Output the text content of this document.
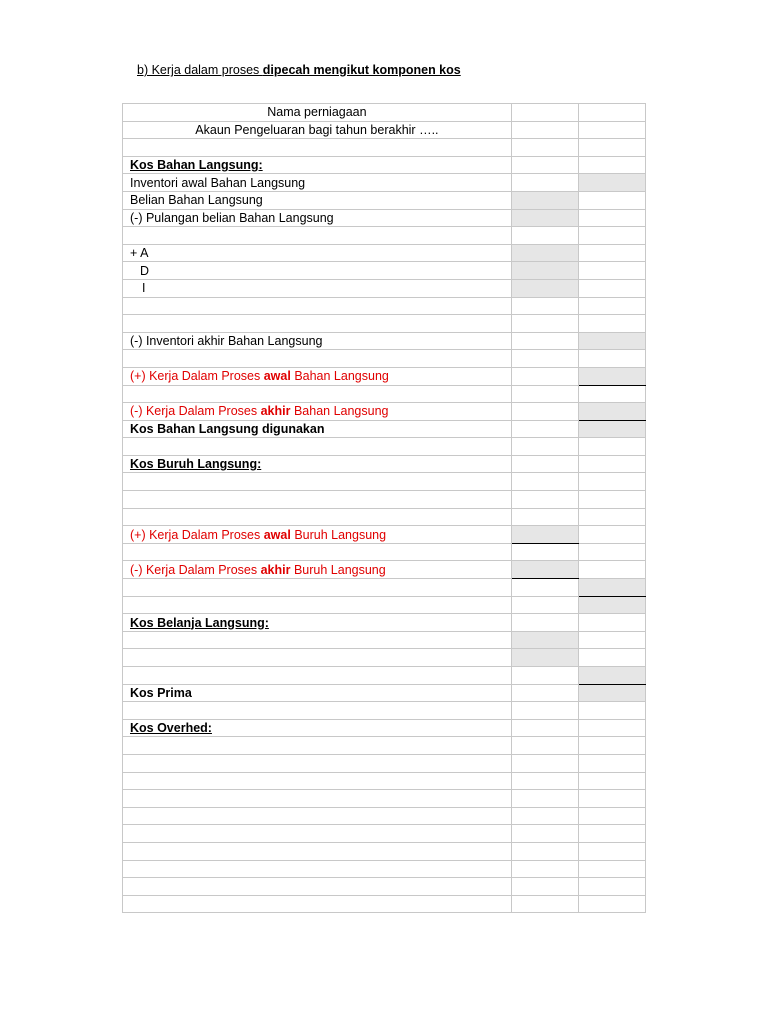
b) Kerja dalam proses dipecah mengikut komponen kos
Nama perniagaan		
Akaun Pengeluaran bagi tahun berakhir …..		

Kos Bahan Langsung:		
Inventori awal Bahan Langsung		
Belian Bahan Langsung		
(-) Pulangan belian Bahan Langsung		

+ A		
D		
I		

(-) Inventori akhir Bahan Langsung		

(+) Kerja Dalam Proses awal Bahan Langsung		

(-) Kerja Dalam Proses akhir Bahan Langsung		
Kos Bahan Langsung digunakan		

Kos Buruh Langsung:		

(+) Kerja Dalam Proses awal Buruh Langsung		

(-) Kerja Dalam Proses akhir Buruh Langsung		

Kos Belanja Langsung:		

Kos Prima		

Kos Overhed:		
